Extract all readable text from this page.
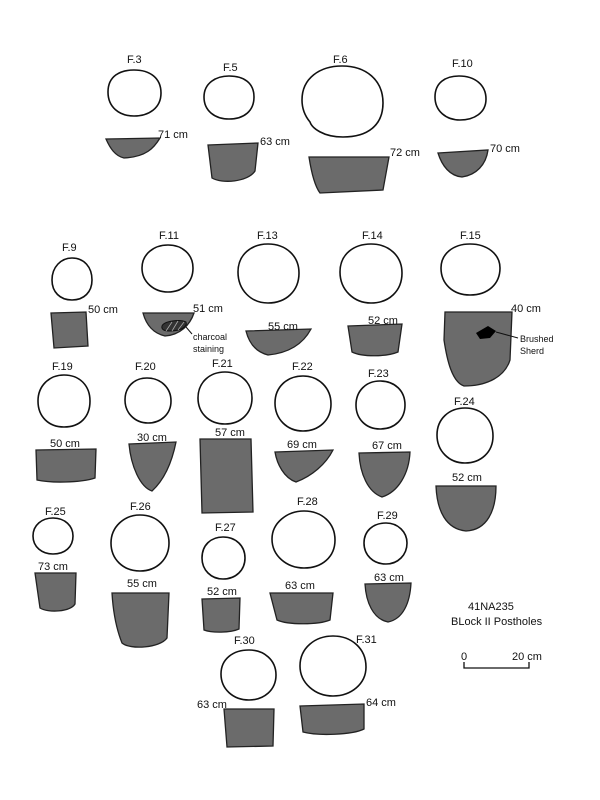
F.3
71 cm
F.5
63 cm
F.6
72 cm
F.10
70 cm
F.9
50 cm
F.11
51 cm
charcoal
staining
F.13
55 cm
F.14
52 cm
F.15
40 cm
Brushed
Sherd
F.19
50 cm
F.20
30 cm
F.21
57 cm
F.22
69 cm
F.23
67 cm
F.24
52 cm
F.25
73 cm
F.26
55 cm
F.27
52 cm
F.28
63 cm
F.29
63 cm
41NA235
BLock II Postholes
0	20 cm
F.30
63 cm
F.31
64 cm
